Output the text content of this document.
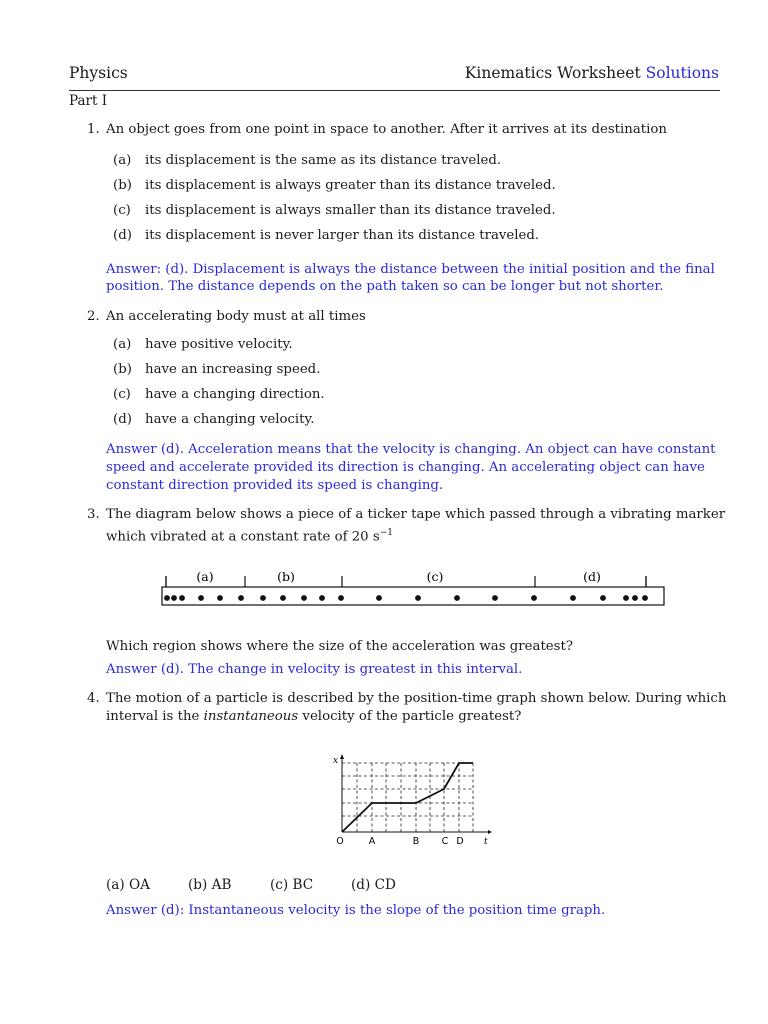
Physics	Kinematics Worksheet Solutions
Part I
1. An object goes from one point in space to another. After it arrives at its destination
(a) its displacement is the same as its distance traveled.
(b) its displacement is always greater than its distance traveled.
(c) its displacement is always smaller than its distance traveled.
(d) its displacement is never larger than its distance traveled.
Answer: (d). Displacement is always the distance between the initial position and the final
position. The distance depends on the path taken so can be longer but not shorter.
2. An accelerating body must at all times
(a) have positive velocity.
(b) have an increasing speed.
(c) have a changing direction.
(d) have a changing velocity.
Answer (d). Acceleration means that the velocity is changing. An object can have constant
speed and accelerate provided its direction is changing. An accelerating object can have
constant direction provided its speed is changing.
3. The diagram below shows a piece of a ticker tape which passed through a vibrating marker
which vibrated at a constant rate of 20 $s^{-1}$
(a)	(b)	(c)	(d)
Which region shows where the size of the acceleration was greatest?
Answer (d). The change in velocity is greatest in this interval.
4. The motion of a particle is described by the position-time graph shown below. During which
interval is the instantaneous velocity of the particle greatest?
x
t
O	A	B C D
(a) OA	(b) AB	(c) BC	(d) CD
Answer (d): Instantaneous velocity is the slope of the position time graph.
